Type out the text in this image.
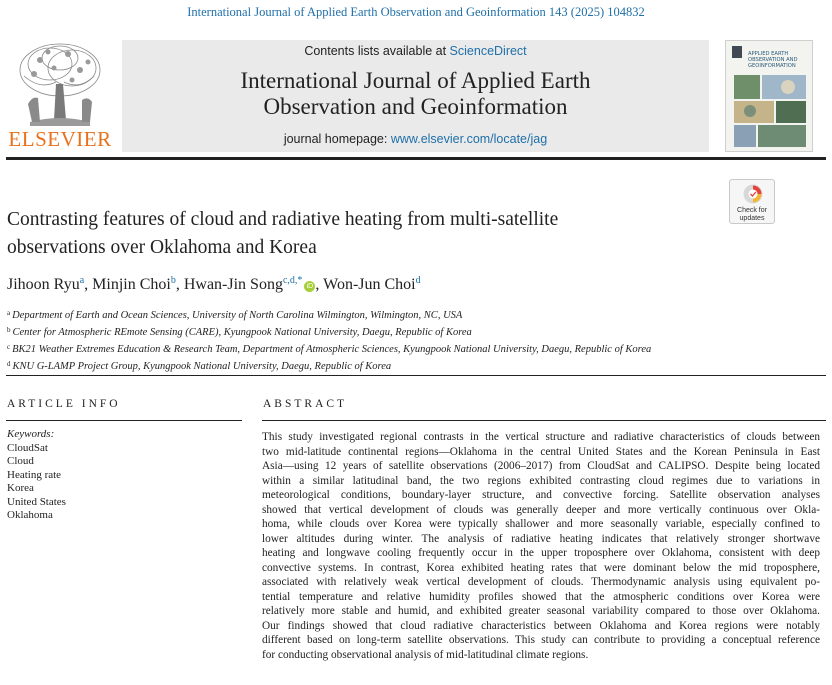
International Journal of Applied Earth Observation and Geoinformation 143 (2025) 104832
ELSEVIER
Contents lists available at ScienceDirect
International Journal of Applied Earth
Observation and Geoinformation
journal homepage: www.elsevier.com/locate/jag
APPLIED EARTH
OBSERVATION AND
GEOINFORMATION
Contrasting features of cloud and radiative heating from multi-satellite
observations over Oklahoma and Korea
Check for
updates
Jihoon Ryu$^a$, Minjin Choi$^b$, Hwan-Jin Song$^{c,d,*}$iD , Won-Jun Choi$^d$
$^a$ Department of Earth and Ocean Sciences, University of North Carolina Wilmington, Wilmington, NC, USA
$^b$ Center for Atmospheric REmote Sensing (CARE), Kyungpook National University, Daegu, Republic of Korea
$^c$ BK21 Weather Extremes Education & Research Team, Department of Atmospheric Sciences, Kyungpook National University, Daegu, Republic of Korea
$^d$ KNU G-LAMP Project Group, Kyungpook National University, Daegu, Republic of Korea
ARTICLE INFO
Keywords:
CloudSat
Cloud
Heating rate
Korea
United States
Oklahoma
ABSTRACT
This study investigated regional contrasts in the vertical structure and radiative characteristics of clouds between
two mid-latitude continental regions—Oklahoma in the central United States and the Korean Peninsula in East
Asia—using 12 years of satellite observations (2006–2017) from CloudSat and CALIPSO. Despite being located
within a similar latitudinal band, the two regions exhibited contrasting cloud regimes due to variations in
meteorological conditions, boundary-layer structure, and convective forcing. Satellite observation analyses
showed that vertical development of clouds was generally deeper and more vertically continuous over Okla-
homa, while clouds over Korea were typically shallower and more seasonally variable, especially confined to
lower altitudes during winter. The analysis of radiative heating indicates that relatively stronger shortwave
heating and longwave cooling frequently occur in the upper troposphere over Oklahoma, consistent with deep
convective systems. In contrast, Korea exhibited heating rates that were dominant below the mid troposphere,
associated with relatively weak vertical development of clouds. Thermodynamic analysis using equivalent po-
tential temperature and relative humidity profiles showed that the atmospheric conditions over Korea were
relatively more stable and humid, and exhibited greater seasonal variability compared to those over Oklahoma.
Our findings showed that cloud radiative characteristics between Oklahoma and Korea regions were notably
different based on long-term satellite observations. This study can contribute to providing a conceptual reference
for conducting observational analysis of mid-latitudinal climate regions.
